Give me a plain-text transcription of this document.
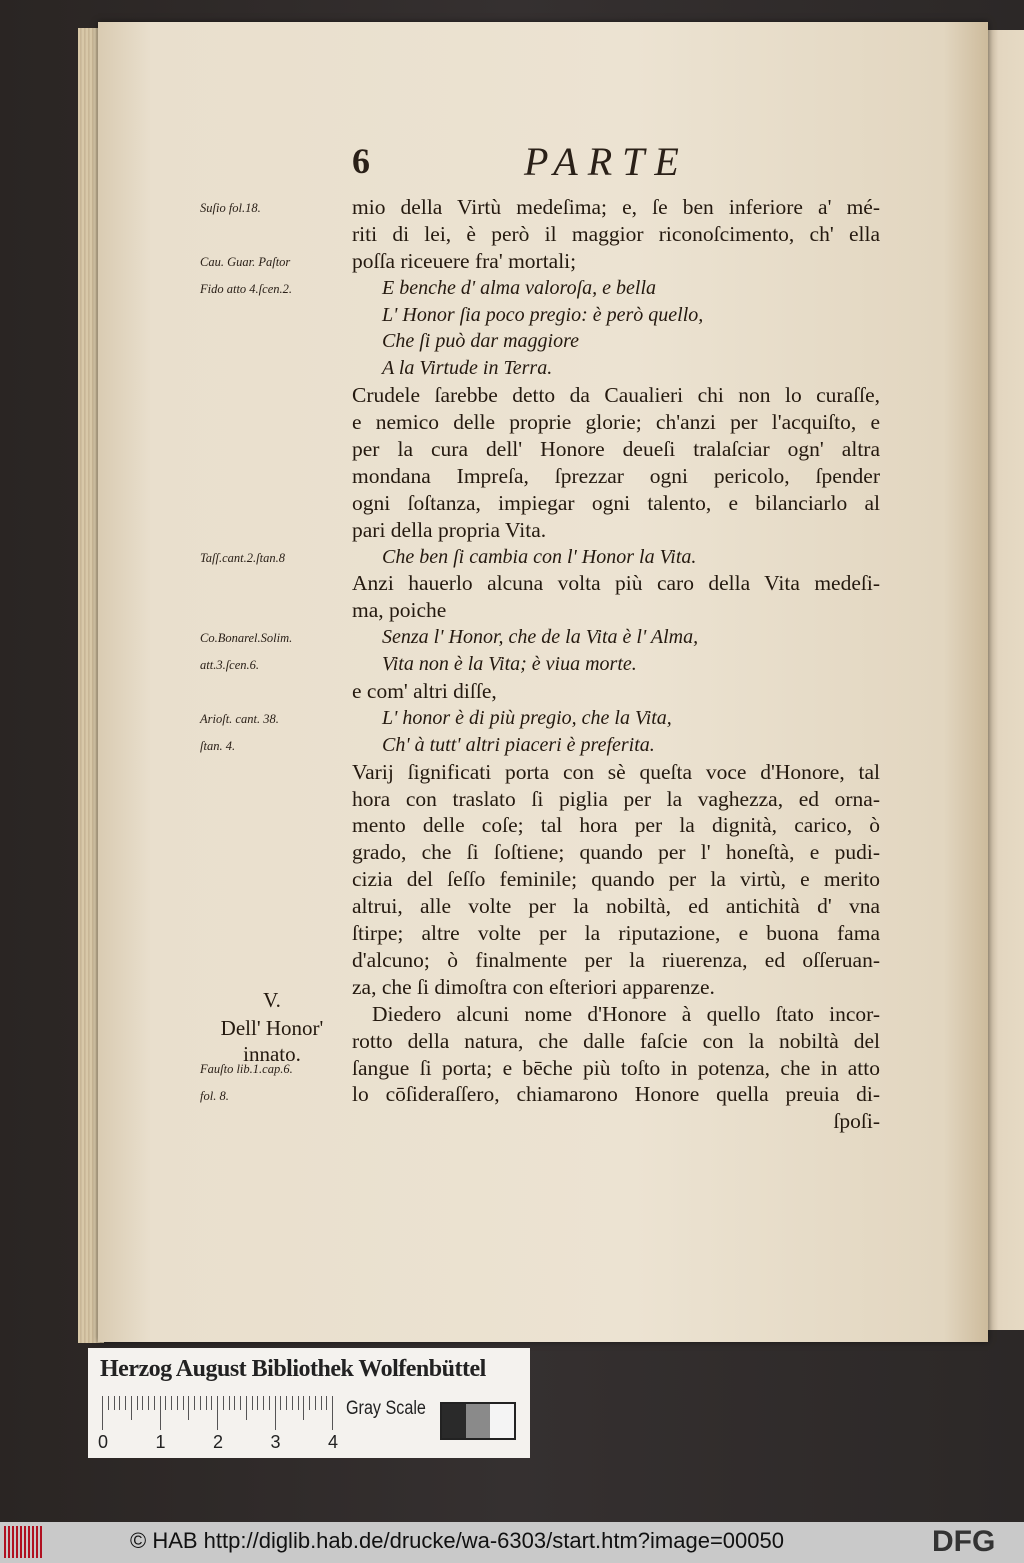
6	PARTE
mio della Virtù medeſima; e, ſe ben inferiore a' mé-
riti di lei, è però il maggior riconoſcimento, ch' ella
poſſa riceuere fra' mortali;
E benche d' alma valoroſa, e bella
L' Honor ſia poco pregio: è però quello,
Che ſi può dar maggiore
A la Virtude in Terra.
Crudele ſarebbe detto da Caualieri chi non lo curaſſe,
e nemico delle proprie glorie; ch'anzi per l'acquiſto, e
per la cura dell' Honore deueſi tralaſciar ogn' altra
mondana Impreſa, ſprezzar ogni pericolo, ſpender
ogni ſoſtanza, impiegar ogni talento, e bilanciarlo al
pari della propria Vita.
Che ben ſi cambia con l' Honor la Vita.
Anzi hauerlo alcuna volta più caro della Vita medeſi-
ma, poiche
Senza l' Honor, che de la Vita è l' Alma,
Vita non è la Vita; è viua morte.
e com' altri diſſe,
L' honor è di più pregio, che la Vita,
Ch' à tutt' altri piaceri è preferita.
Varij ſignificati porta con sè queſta voce d'Honore, tal
hora con traslato ſi piglia per la vaghezza, ed orna-
mento delle coſe; tal hora per la dignità, carico, ò
grado, che ſi ſoſtiene; quando per l' honeſtà, e pudi-
cizia del ſeſſo feminile; quando per la virtù, e merito
altrui, alle volte per la nobiltà, ed antichità d' vna
ſtirpe; altre volte per la riputazione, e buona fama
d'alcuno; ò finalmente per la riuerenza, ed oſſeruan-
za, che ſi dimoſtra con eſteriori apparenze.
Diedero alcuni nome d'Honore à quello ſtato incor-
rotto della natura, che dalle faſcie con la nobiltà del
ſangue ſi porta; e bēche più toſto in potenza, che in atto
lo cōſideraſſero, chiamarono Honore quella preuia di-
ſpoſi-
Suſio fol.18.
Cau. Guar. Paſtor
Fido atto 4.ſcen.2.
Taſſ.cant.2.ſtan.8
Co.Bonarel.Solim.
att.3.ſcen.6.
Arioſt. cant. 38.
ſtan. 4.
Fauſto lib.1.cap.6.
fol. 8.
V.
Dell' Honor'
innato.
Herzog August Bibliothek Wolfenbüttel
0	1	2	3	4
Gray Scale
© HAB http://diglib.hab.de/drucke/wa-6303/start.htm?image=00050	DFG
